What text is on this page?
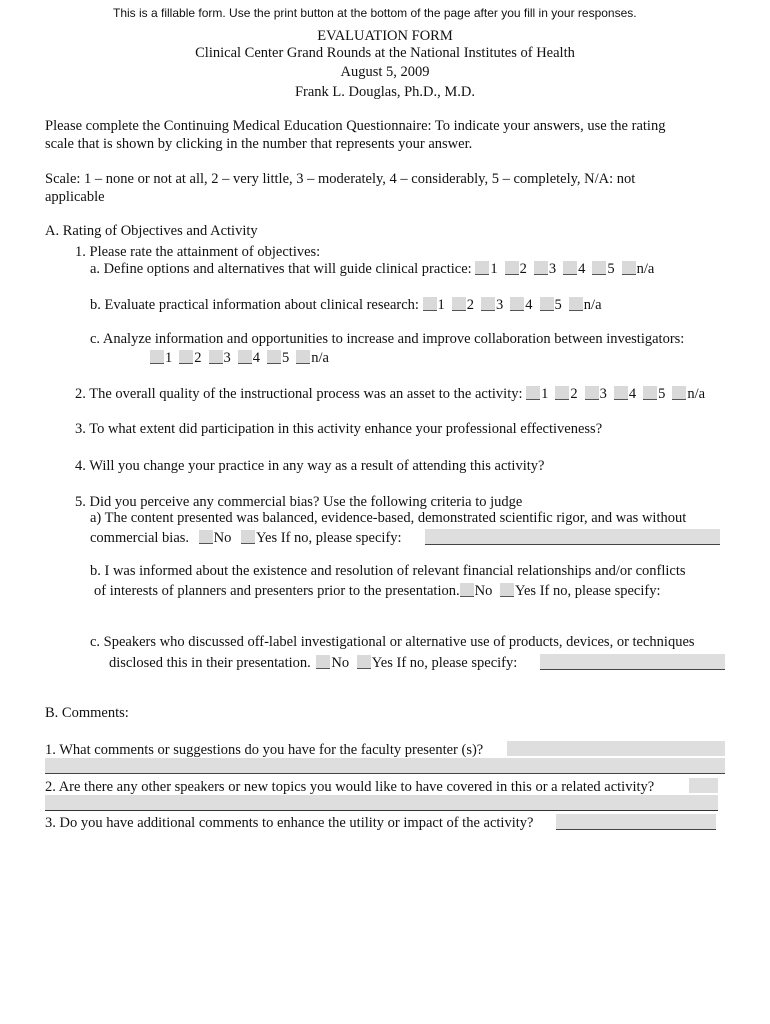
This is a fillable form. Use the print button at the bottom of the page after you fill in your responses.
EVALUATION FORM
Clinical Center Grand Rounds at the National Institutes of Health
August 5, 2009
Frank L. Douglas, Ph.D., M.D.
Please complete the Continuing Medical Education Questionnaire: To indicate your answers, use the rating
scale that is shown by clicking in the number that represents your answer.
Scale: 1 – none or not at all, 2 – very little, 3 – moderately, 4 – considerably, 5 – completely, N/A: not
applicable
A. Rating of Objectives and Activity
1. Please rate the attainment of objectives:
a. Define options and alternatives that will guide clinical practice: 1 2 3 4 5 n/a
b. Evaluate practical information about clinical research: 1 2 3 4 5 n/a
c. Analyze information and opportunities to increase and improve collaboration between investigators:
1 2 3 4 5 n/a
2. The overall quality of the instructional process was an asset to the activity: 1 2 3 4 5 n/a
3. To what extent did participation in this activity enhance your professional effectiveness?
4. Will you change your practice in any way as a result of attending this activity?
5. Did you perceive any commercial bias? Use the following criteria to judge
a) The content presented was balanced, evidence-based, demonstrated scientific rigor, and was without
commercial bias. No Yes If no, please specify:
b. I was informed about the existence and resolution of relevant financial relationships and/or conflicts
of interests of planners and presenters prior to the presentation. No Yes If no, please specify:
c. Speakers who discussed off-label investigational or alternative use of products, devices, or techniques
disclosed this in their presentation. No Yes If no, please specify:
B. Comments:
1. What comments or suggestions do you have for the faculty presenter (s)?
2. Are there any other speakers or new topics you would like to have covered in this or a related activity?
3. Do you have additional comments to enhance the utility or impact of the activity?
